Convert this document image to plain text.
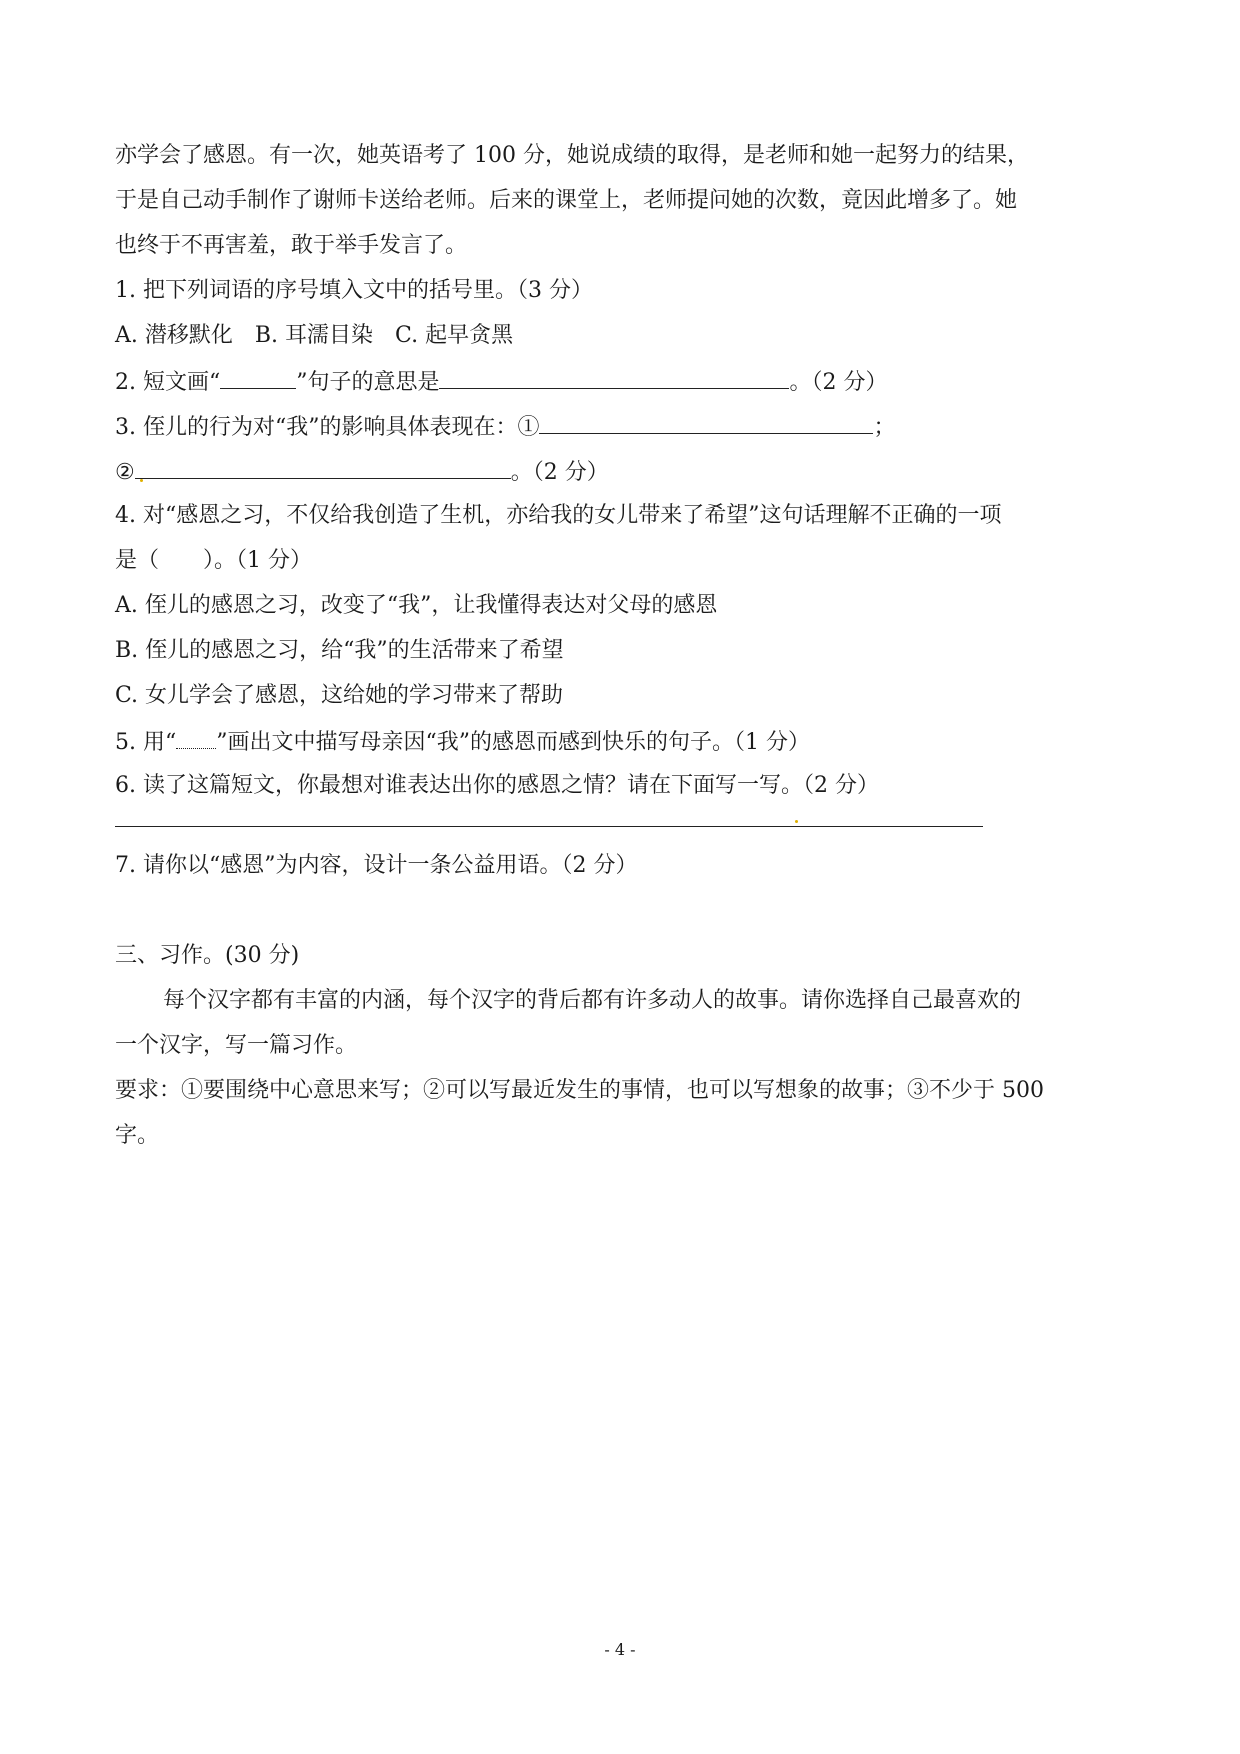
亦学会了感恩。有一次，她英语考了 100 分，她说成绩的取得，是老师和她一起努力的结果，
于是自己动手制作了谢师卡送给老师。后来的课堂上，老师提问她的次数，竟因此增多了。她
也终于不再害羞，敢于举手发言了。
1. 把下列词语的序号填入文中的括号里。（3 分）
A. 潜移默化　B. 耳濡目染　C. 起早贪黑
2. 短文画“	”句子的意思是	。（2 分）
3. 侄儿的行为对“我”的影响具体表现在：①	；
②	。（2 分）
4. 对“感恩之习，不仅给我创造了生机，亦给我的女儿带来了希望”这句话理解不正确的一项
是（　　）。（1 分）
A. 侄儿的感恩之习，改变了“我”，让我懂得表达对父母的感恩
B. 侄儿的感恩之习，给“我”的生活带来了希望
C. 女儿学会了感恩，这给她的学习带来了帮助
5. 用“ ”画出文中描写母亲因“我”的感恩而感到快乐的句子。（1 分）
6. 读了这篇短文，你最想对谁表达出你的感恩之情？请在下面写一写。（2 分）
7. 请你以“感恩”为内容，设计一条公益用语。（2 分）
三、习作。(30 分)
每个汉字都有丰富的内涵，每个汉字的背后都有许多动人的故事。请你选择自己最喜欢的
一个汉字，写一篇习作。
要求：①要围绕中心意思来写；②可以写最近发生的事情，也可以写想象的故事；③不少于 500
字。
- 4 -
